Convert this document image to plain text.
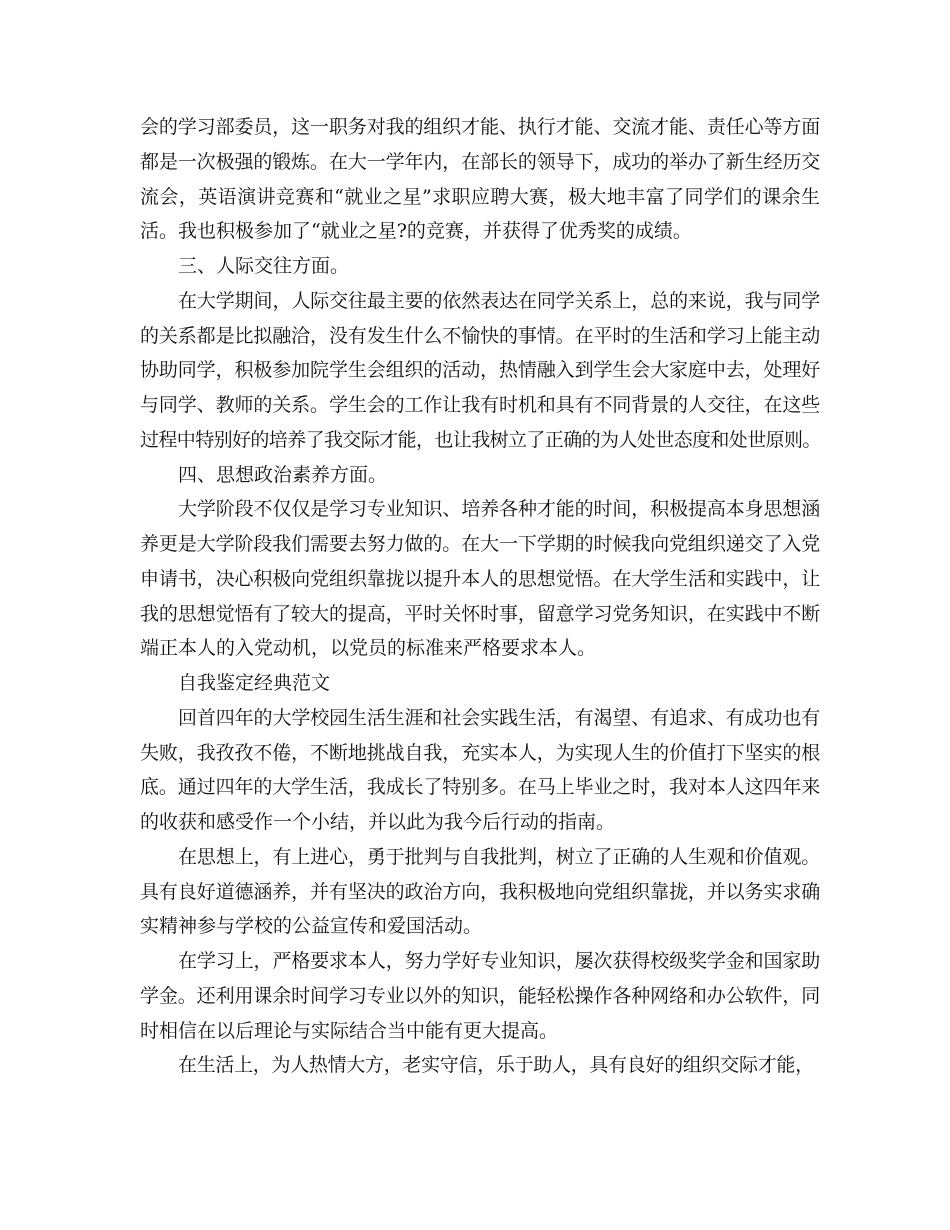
会的学习部委员，这一职务对我的组织才能、执行才能、交流才能、责任心等方面
都是一次极强的锻炼。在大一学年内，在部长的领导下，成功的举办了新生经历交
流会，英语演讲竞赛和“就业之星”求职应聘大赛，极大地丰富了同学们的课余生
活。我也积极参加了“就业之星?的竞赛，并获得了优秀奖的成绩。
三、人际交往方面。
在大学期间，人际交往最主要的依然表达在同学关系上，总的来说，我与同学
的关系都是比拟融洽，没有发生什么不愉快的事情。在平时的生活和学习上能主动
协助同学，积极参加院学生会组织的活动，热情融入到学生会大家庭中去，处理好
与同学、教师的关系。学生会的工作让我有时机和具有不同背景的人交往，在这些
过程中特别好的培养了我交际才能，也让我树立了正确的为人处世态度和处世原则。
四、思想政治素养方面。
大学阶段不仅仅是学习专业知识、培养各种才能的时间，积极提高本身思想涵
养更是大学阶段我们需要去努力做的。在大一下学期的时候我向党组织递交了入党
申请书，决心积极向党组织靠拢以提升本人的思想觉悟。在大学生活和实践中，让
我的思想觉悟有了较大的提高，平时关怀时事，留意学习党务知识，在实践中不断
端正本人的入党动机，以党员的标准来严格要求本人。
自我鉴定经典范文
回首四年的大学校园生活生涯和社会实践生活，有渴望、有追求、有成功也有
失败，我孜孜不倦，不断地挑战自我，充实本人，为实现人生的价值打下坚实的根
底。通过四年的大学生活，我成长了特别多。在马上毕业之时，我对本人这四年来
的收获和感受作一个小结，并以此为我今后行动的指南。
在思想上，有上进心，勇于批判与自我批判，树立了正确的人生观和价值观。
具有良好道德涵养，并有坚决的政治方向，我积极地向党组织靠拢，并以务实求确
实精神参与学校的公益宣传和爱国活动。
在学习上，严格要求本人，努力学好专业知识，屡次获得校级奖学金和国家助
学金。还利用课余时间学习专业以外的知识，能轻松操作各种网络和办公软件，同
时相信在以后理论与实际结合当中能有更大提高。
在生活上，为人热情大方，老实守信，乐于助人，具有良好的组织交际才能，
